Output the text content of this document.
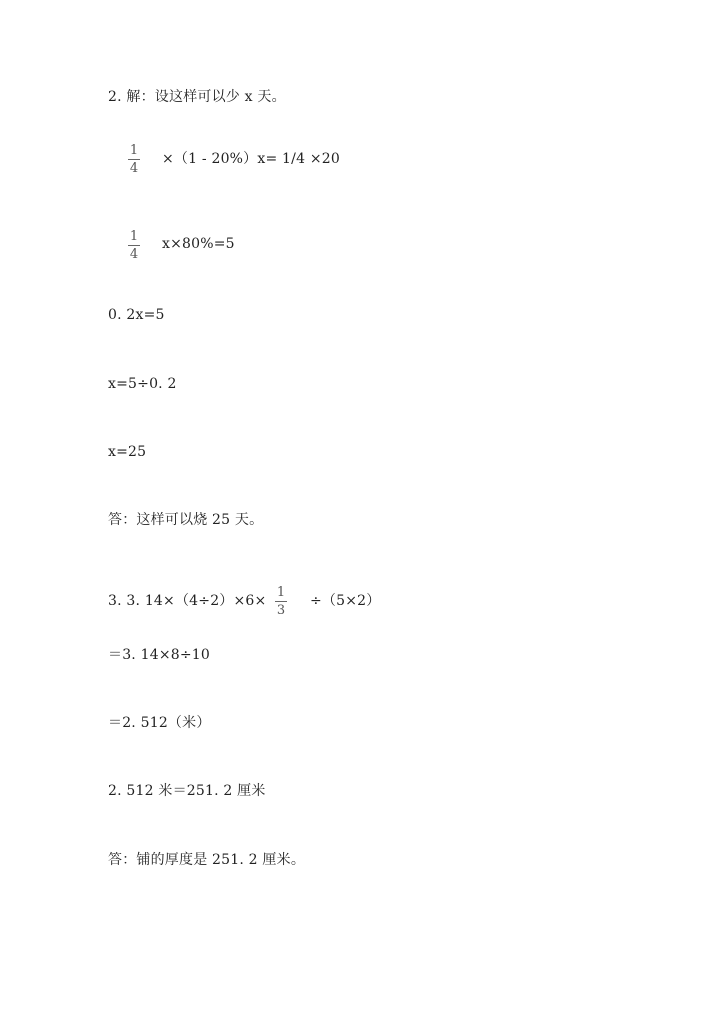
2. 解：设这样可以少 x 天。
1
4
×（1 - 20%）x= 1/4 ×20
1
4
x×80%=5
0. 2x=5
x=5÷0. 2
x=25
答：这样可以烧 25 天。
3. 3. 14×（4÷2）×6×
1
3
÷（5×2）
＝3. 14×8÷10
＝2. 512（米）
2. 512 米＝251. 2 厘米
答：铺的厚度是 251. 2 厘米。
